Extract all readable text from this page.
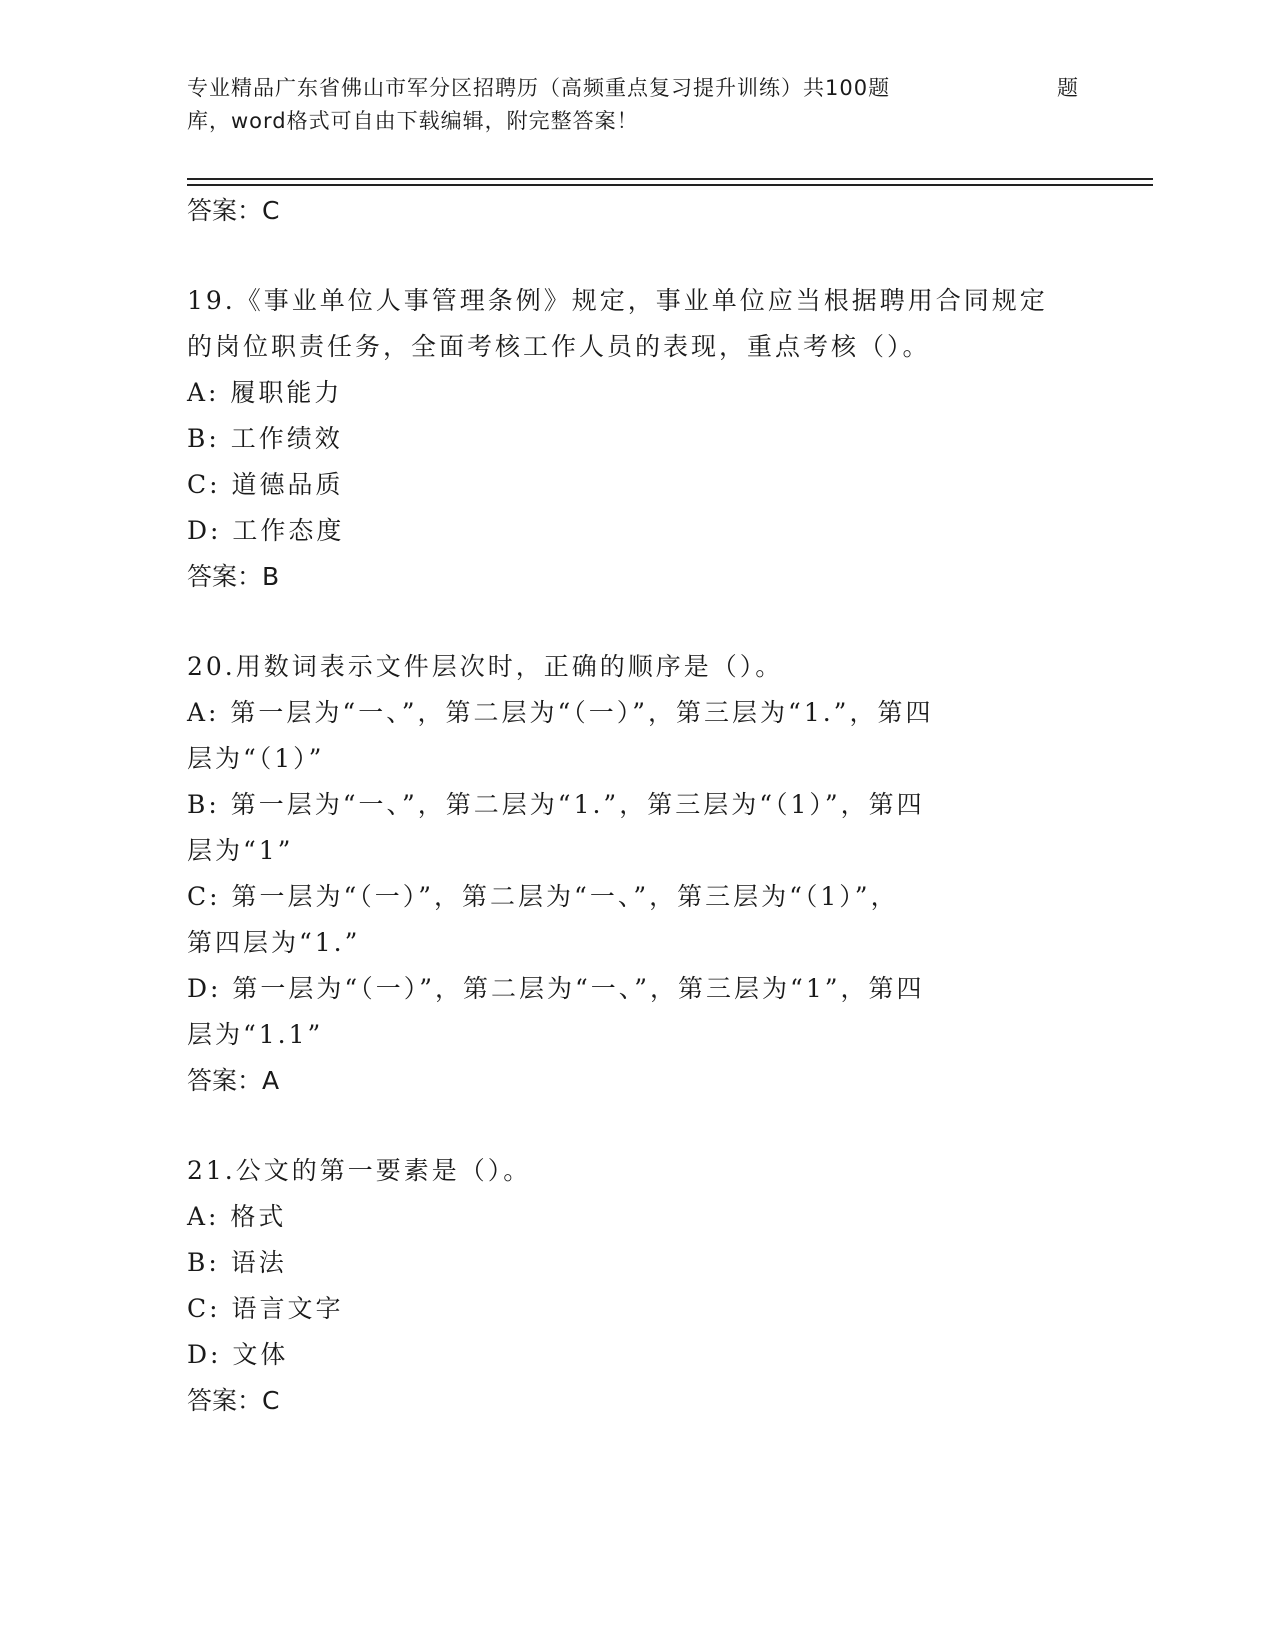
专业精品广东省佛山市军分区招聘历（高频重点复习提升训练）共100题	题
库，word格式可自由下载编辑，附完整答案！

答案：C

19.《事业单位人事管理条例》规定，事业单位应当根据聘用合同规定

的岗位职责任务，全面考核工作人员的表现，重点考核（）。

A: 履职能力

B: 工作绩效

C: 道德品质

D: 工作态度

答案：B

20.用数词表示文件层次时，正确的顺序是（）。

A: 第一层为“一、”，第二层为“（一）”，第三层为“1.”，第四

层为“（1）”

B: 第一层为“一、”，第二层为“1.”，第三层为“（1）”，第四

层为“1”

C: 第一层为“（一）”，第二层为“一、”，第三层为“（1）”，

第四层为“1.”

D: 第一层为“（一）”，第二层为“一、”，第三层为“1”，第四

层为“1.1”

答案：A

21.公文的第一要素是（）。

A: 格式

B: 语法

C: 语言文字

D: 文体

答案：C
